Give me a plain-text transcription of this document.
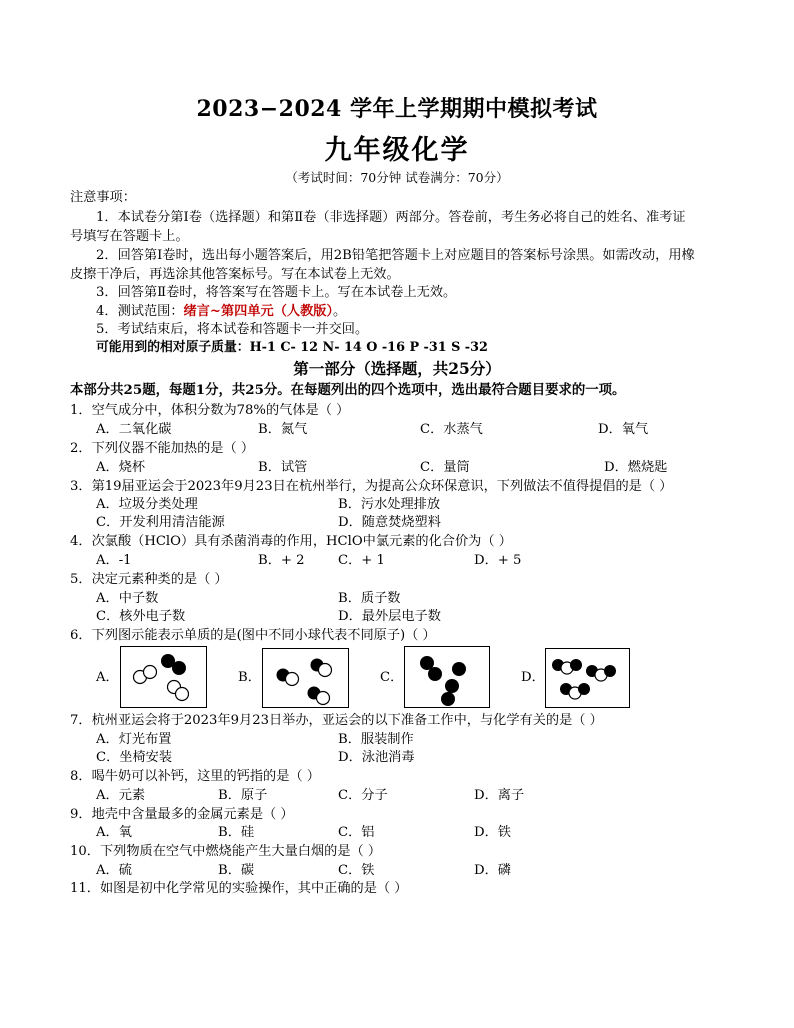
2023−2024 学年上学期期中模拟考试
九年级化学
（考试时间：70分钟 试卷满分：70分）
注意事项：
1．本试卷分第Ⅰ卷（选择题）和第Ⅱ卷（非选择题）两部分。答卷前，考生务必将自己的姓名、准考证
号填写在答题卡上。
2．回答第Ⅰ卷时，选出每小题答案后，用2B铅笔把答题卡上对应题目的答案标号涂黑。如需改动，用橡
皮擦干净后，再选涂其他答案标号。写在本试卷上无效。
3．回答第Ⅱ卷时，将答案写在答题卡上。写在本试卷上无效。
4．测试范围：绪言~第四单元（人教版）。
5．考试结束后，将本试卷和答题卡一并交回。
可能用到的相对原子质量：H-1 C- 12 N- 14 O -16 P -31 S -32
第一部分（选择题，共25分）
本部分共25题，每题1分，共25分。在每题列出的四个选项中，选出最符合题目要求的一项。
1．空气成分中，体积分数为78%的气体是（ ）
A．二氧化碳	B．氮气	C．水蒸气	D．氧气
2．下列仪器不能加热的是（ ）
A．烧杯	B．试管	C．量筒	D．燃烧匙
3．第19届亚运会于2023年9月23日在杭州举行，为提高公众环保意识，下列做法不值得提倡的是（ ）
A．垃圾分类处理	B．污水处理排放
C．开发利用清洁能源	D．随意焚烧塑料
4．次氯酸（HClO）具有杀菌消毒的作用，HClO中氯元素的化合价为（ ）
A．-1	B．+ 2	C．+ 1	D．+ 5
5．决定元素种类的是（ ）
A．中子数	B．质子数
C．核外电子数	D．最外层电子数
6．下列图示能表示单质的是(图中不同小球代表不同原子)（ ）
A．	B．	C．	D．
7．杭州亚运会将于2023年9月23日举办，亚运会的以下准备工作中，与化学有关的是（ ）
A．灯光布置	B．服装制作
C．坐椅安装	D．泳池消毒
8．喝牛奶可以补钙，这里的钙指的是（ ）
A．元素	B．原子	C．分子	D．离子
9．地壳中含量最多的金属元素是（ ）
A．氧	B．硅	C．铝	D．铁
10．下列物质在空气中燃烧能产生大量白烟的是（ ）
A．硫	B．碳	C．铁	D．磷
11．如图是初中化学常见的实验操作，其中正确的是（ ）
